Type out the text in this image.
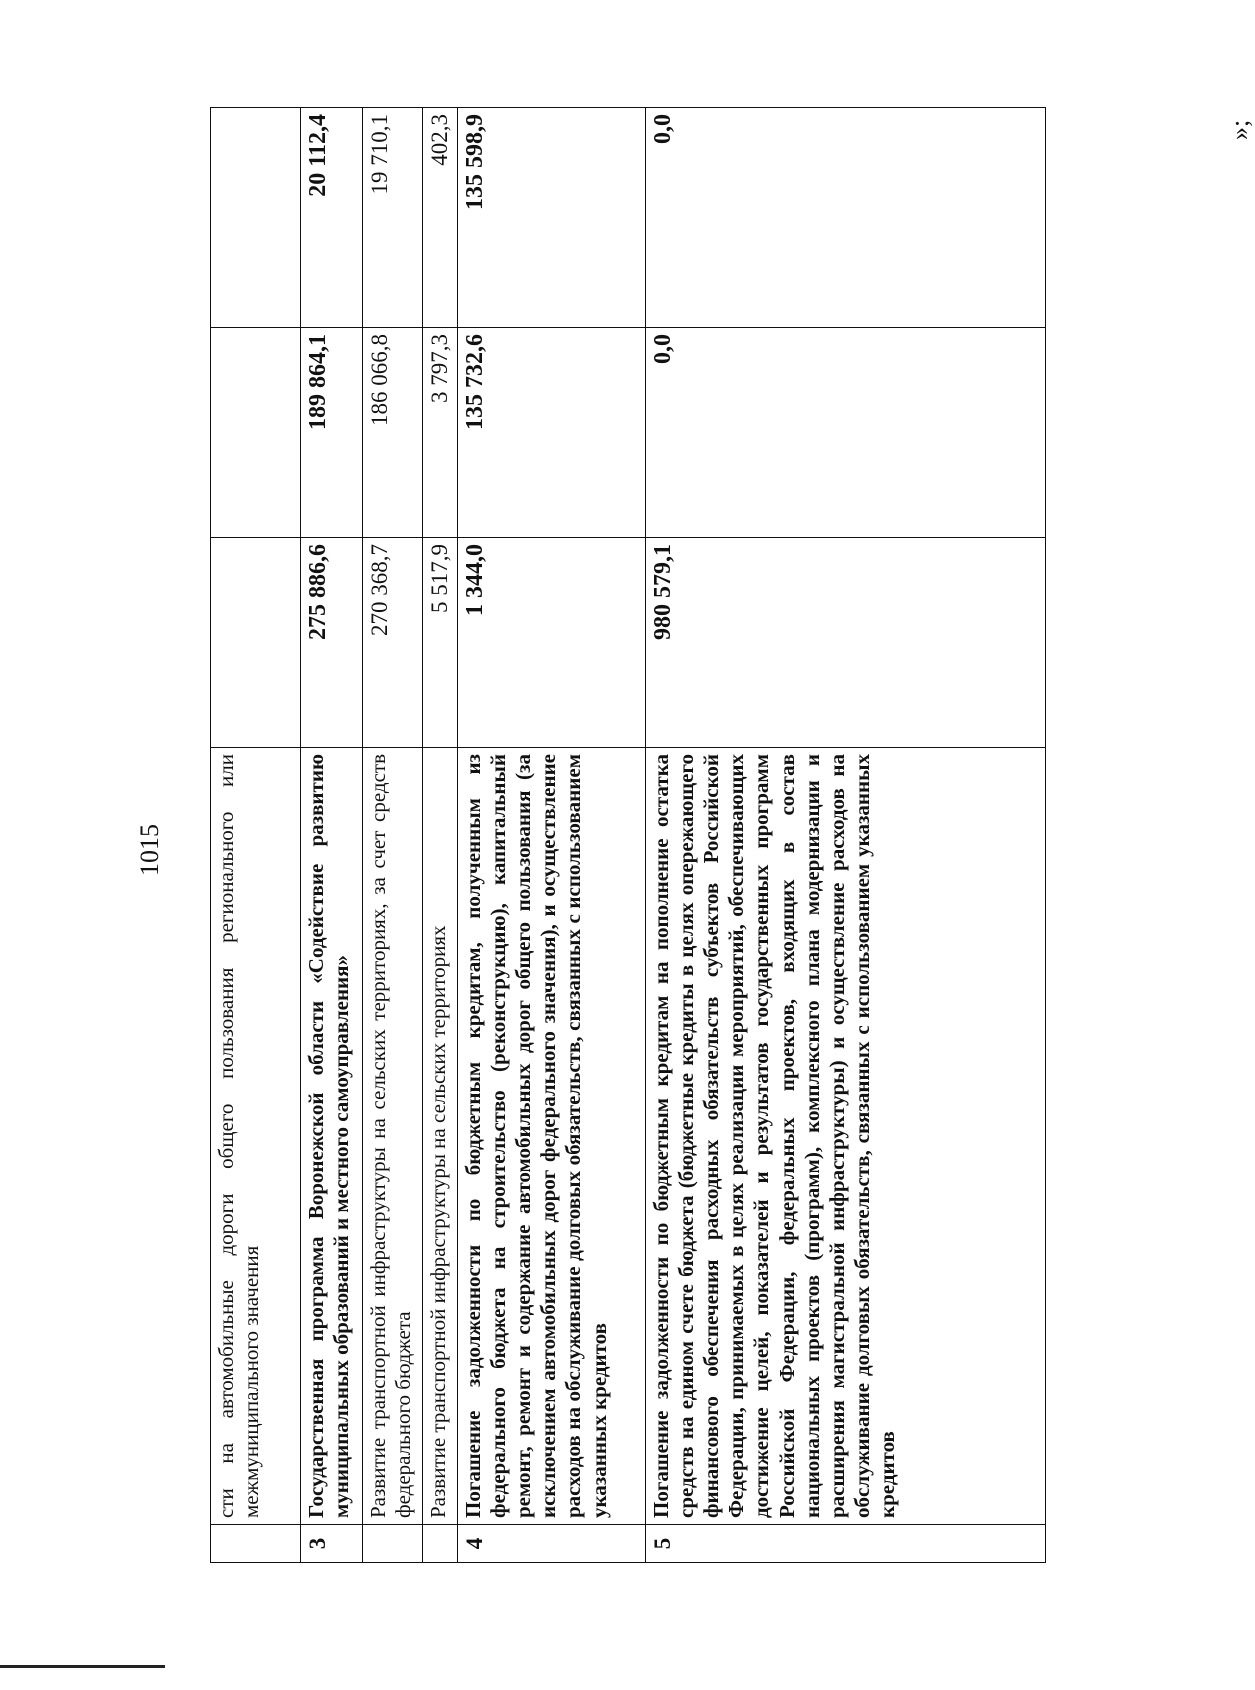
1015
	сти на автомобильные дороги общего пользования регионального или межмуниципального значения			
3	Государственная программа Воронежской области «Содействие развитию муниципальных образований и местного самоуправления»	275 886,6	189 864,1	20 112,4
	Развитие транспортной инфраструктуры на сельских территориях, за счет средств федерального бюджета	270 368,7	186 066,8	19 710,1
	Развитие транспортной инфраструктуры на сельских территориях	5 517,9	3 797,3	402,3
4	Погашение задолженности по бюджетным кредитам, полученным из федерального бюджета на строительство (реконструкцию), капитальный ремонт, ремонт и содержание автомобильных дорог общего пользования (за исключением автомобильных дорог федерального значения), и осуществление расходов на обслуживание долговых обязательств, связанных с использованием указанных кредитов	1 344,0	135 732,6	135 598,9
5	Погашение задолженности по бюджетным кредитам на пополнение остатка средств на едином счете бюджета (бюджетные кредиты в целях опережающего финансового обеспечения расходных обязательств субъектов Российской Федерации, принимаемых в целях реализации мероприятий, обеспечивающих достижение целей, показателей и результатов государственных программ Российской Федерации, федеральных проектов, входящих в состав национальных проектов (программ), комплексного плана модернизации и расширения магистральной инфраструктуры) и осуществление расходов на обслуживание долговых обязательств, связанных с использованием указанных кредитов	980 579,1	0,0	0,0	»;
